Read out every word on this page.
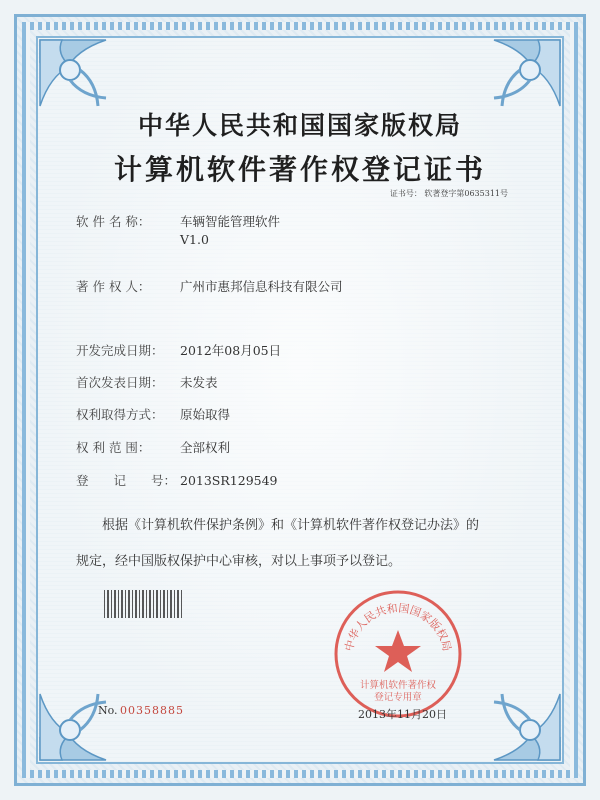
中华人民共和国国家版权局
计算机软件著作权登记证书
证书号： 软著登字第0635311号
软 件 名 称： 车辆智能管理软件
V1.0
著 作 权 人： 广州市惠邦信息科技有限公司
开发完成日期： 2012年08月05日
首次发表日期： 未发表
权利取得方式： 原始取得
权 利 范 围： 全部权利
登　　记　　号： 2013SR129549
　　根据《计算机软件保护条例》和《计算机软件著作权登记办法》的
规定，经中国版权保护中心审核，对以上事项予以登记。
No. 00358885
中华人民共和国国家版权局
计算机软件著作权
登记专用章
2013年11月20日
